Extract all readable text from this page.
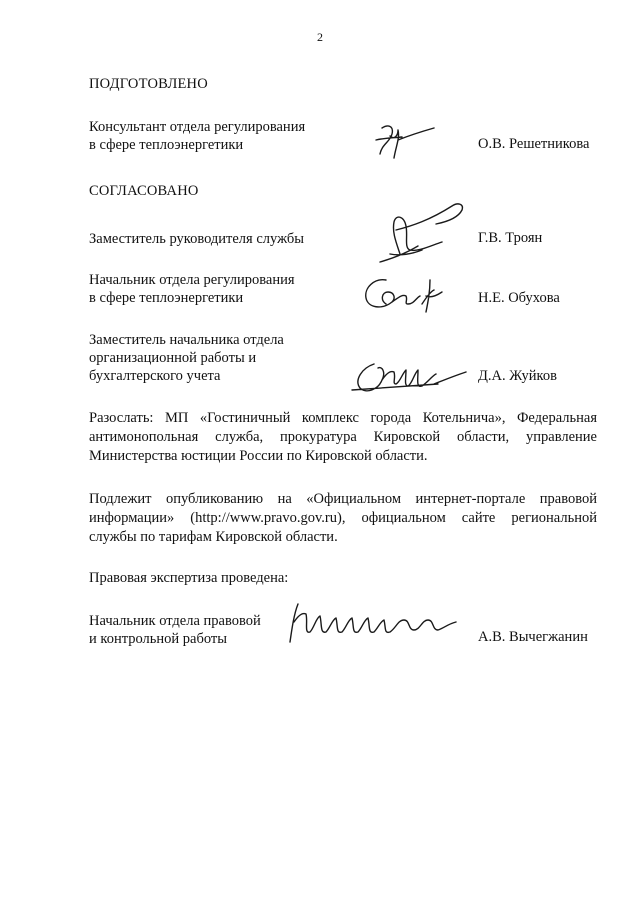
2
ПОДГОТОВЛЕНО
Консультант отдела регулирования
в сфере теплоэнергетики	О.В. Решетникова
СОГЛАСОВАНО
Заместитель руководителя службы	Г.В. Троян
Начальник отдела регулирования
в сфере теплоэнергетики	Н.Е. Обухова
Заместитель начальника отдела
организационной работы и
бухгалтерского учета	Д.А. Жуйков
Разослать: МП «Гостиничный комплекс города Котельнича», Федеральная
антимонопольная служба, прокуратура Кировской области, управление
Министерства юстиции России по Кировской области.
Подлежит опубликованию на «Официальном интернет-портале правовой
информации» (http://www.pravo.gov.ru), официальном сайте региональной
службы по тарифам Кировской области.
Правовая экспертиза проведена:
Начальник отдела правовой
и контрольной работы	А.В. Вычегжанин
